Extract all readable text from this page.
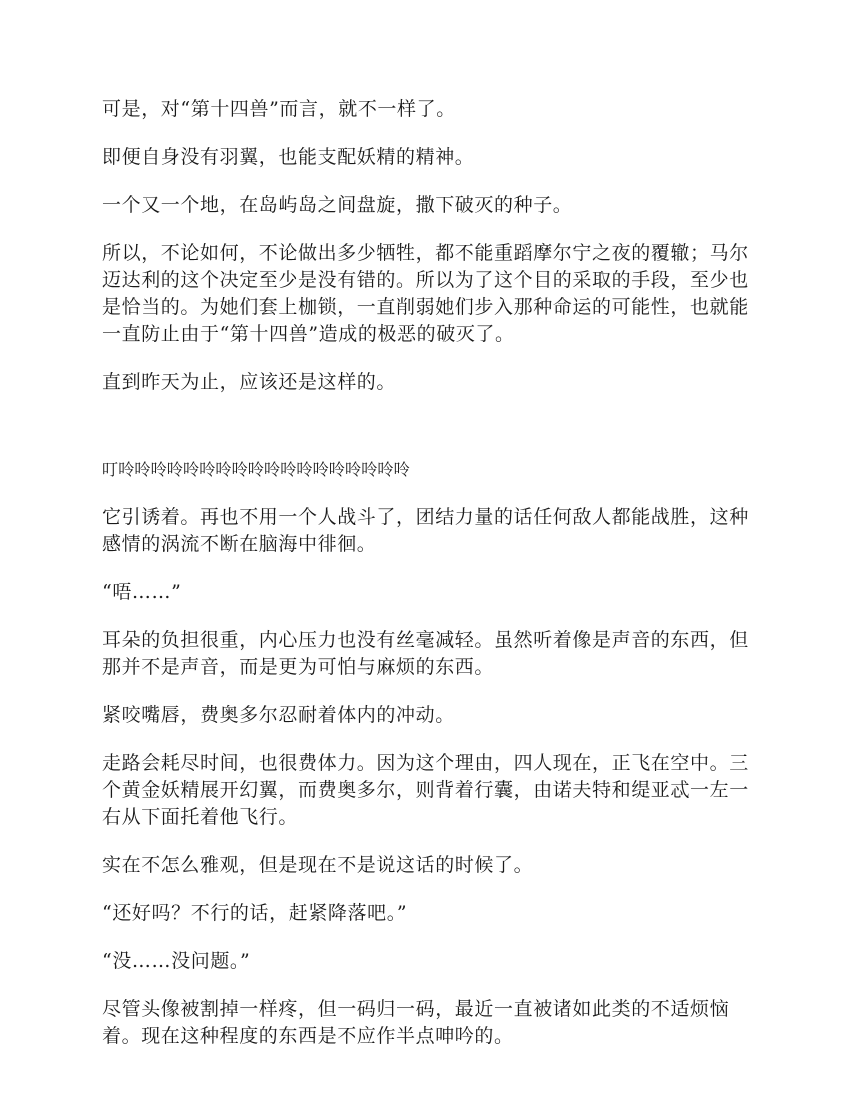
可是，对“第十四兽”而言，就不一样了。

即便自身没有羽翼，也能支配妖精的精神。

一个又一个地，在岛屿岛之间盘旋，撒下破灭的种子。

所以，不论如何，不论做出多少牺牲，都不能重蹈摩尔宁之夜的覆辙；马尔迈达利的这个决定至少是没有错的。所以为了这个目的采取的手段，至少也是恰当的。为她们套上枷锁，一直削弱她们步入那种命运的可能性，也就能一直防止由于“第十四兽”造成的极恶的破灭了。

直到昨天为止，应该还是这样的。

叮呤呤呤呤呤呤呤呤呤呤呤呤呤呤呤呤呤呤

它引诱着。再也不用一个人战斗了，团结力量的话任何敌人都能战胜，这种感情的涡流不断在脑海中徘徊。

“唔……”

耳朵的负担很重，内心压力也没有丝毫减轻。虽然听着像是声音的东西，但那并不是声音，而是更为可怕与麻烦的东西。

紧咬嘴唇，费奥多尔忍耐着体内的冲动。

走路会耗尽时间，也很费体力。因为这个理由，四人现在，正飞在空中。三个黄金妖精展开幻翼，而费奥多尔，则背着行囊，由诺夫特和缇亚忒一左一右从下面托着他飞行。

实在不怎么雅观，但是现在不是说这话的时候了。

“还好吗？不行的话，赶紧降落吧。”

“没……没问题。”

尽管头像被割掉一样疼，但一码归一码，最近一直被诸如此类的不适烦恼着。现在这种程度的东西是不应作半点呻吟的。
